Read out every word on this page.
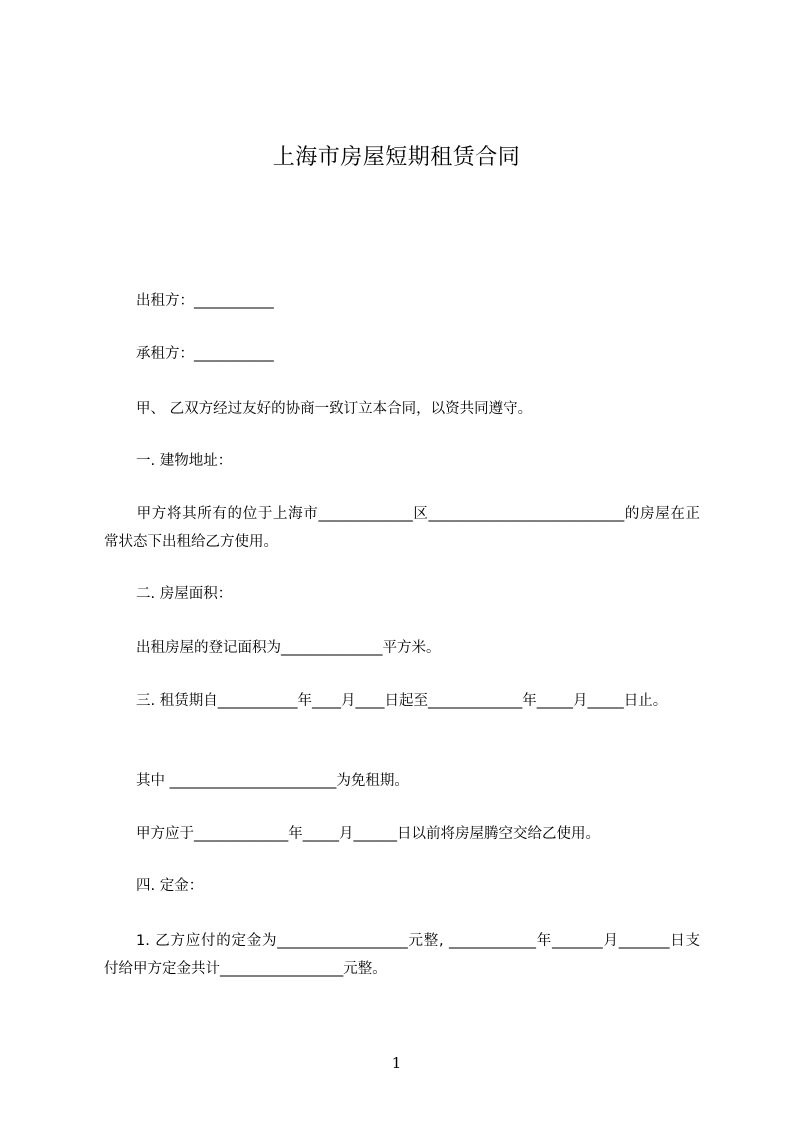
上海市房屋短期租赁合同
出租方：___________
承租方：___________
甲、 乙双方经过友好的协商一致订立本合同，以资共同遵守。
一. 建物地址：
甲方将其所有的位于上海市_____________区___________________________的房屋在正常状态下出租给乙方使用。
二. 房屋面积：
出租房屋的登记面积为______________平方米。
三. 租赁期自___________年____月____日起至_____________年_____月_____日止。
其中 _______________________为免租期。
甲方应于_____________年_____月______日以前将房屋腾空交给乙使用。
四. 定金：
1. 乙方应付的定金为__________________元整, ____________年_______月_______日支付给甲方定金共计_________________元整。
1
